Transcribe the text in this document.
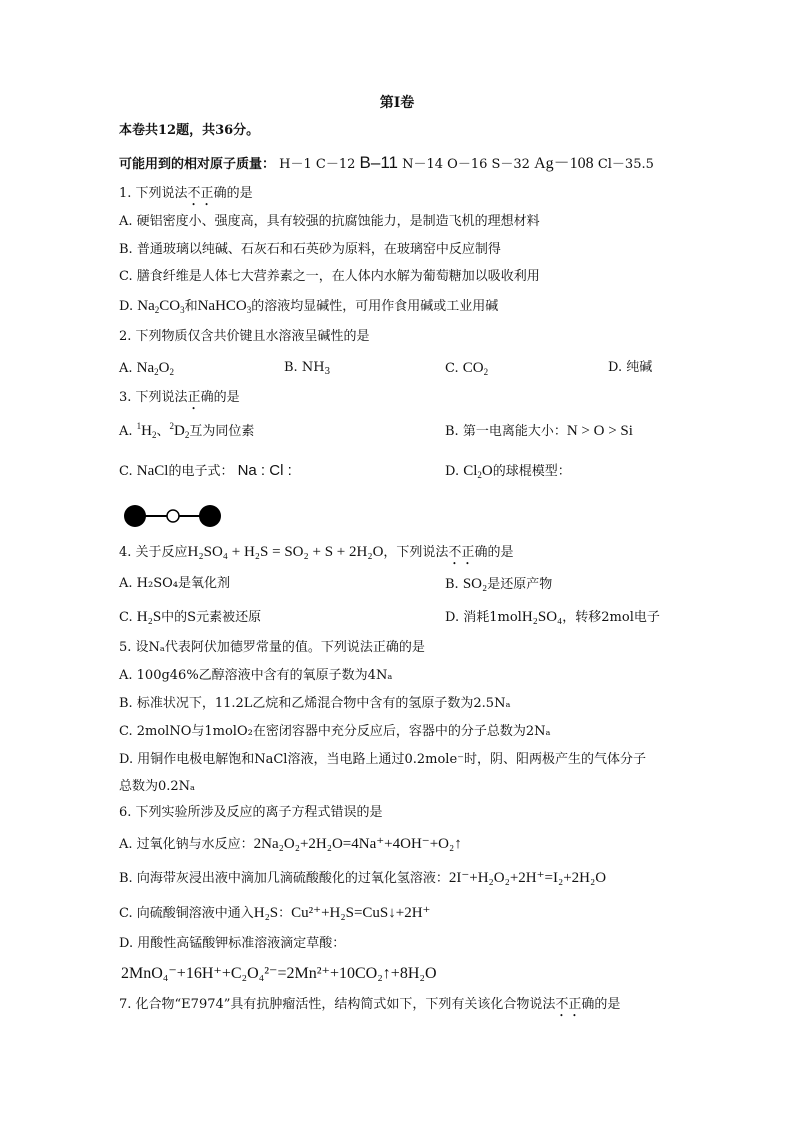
第Ⅰ卷
本卷共12题，共36分。
可能用到的相对原子质量： H－1 C－12 B–11 N－14 O－16 S－32 Ag－108 Cl－35.5
1. 下列说法不正确的是
A. 硬铝密度小、强度高，具有较强的抗腐蚀能力，是制造飞机的理想材料
B. 普通玻璃以纯碱、石灰石和石英砂为原料，在玻璃窑中反应制得
C. 膳食纤维是人体七大营养素之一，在人体内水解为葡萄糖加以吸收利用
D. $Na_2CO_3$和NaHCO$_3$的溶液均显碱性，可用作食用碱或工业用碱
2. 下列物质仅含共价键且水溶液呈碱性的是
A. $Na_2O_2$	B. $NH_3$	C. $CO_2$	D. 纯碱
3. 下列说法正确的是
A. $^1H_2$、$^2D_2$互为同位素	B. 第一电离能大小：N > O > Si
C. NaCl的电子式： Na : Cl :	D. $Cl_2O$的球棍模型：
4. 关于反应H₂SO₄ + H₂S = SO₂ + S + 2H₂O，下列说法不正确的是
A. H₂SO₄是氧化剂	B. SO₂是还原产物
C. H₂S中的S元素被还原	D. 消耗1molH₂SO₄，转移2mol电子
5. 设Nₐ代表阿伏加德罗常量的值。下列说法正确的是
A. 100g46%乙醇溶液中含有的氧原子数为4Nₐ
B. 标准状况下，11.2L乙烷和乙烯混合物中含有的氢原子数为2.5Nₐ
C. 2molNO与1molO₂在密闭容器中充分反应后，容器中的分子总数为2Nₐ
D. 用铜作电极电解饱和NaCl溶液，当电路上通过0.2mole⁻时，阴、阳两极产生的气体分子
总数为0.2Nₐ
6. 下列实验所涉及反应的离子方程式错误的是
A. 过氧化钠与水反应：2Na₂O₂+2H₂O=4Na⁺+4OH⁻+O₂↑
B. 向海带灰浸出液中滴加几滴硫酸酸化的过氧化氢溶液：2I⁻+H₂O₂+2H⁺=I₂+2H₂O
C. 向硫酸铜溶液中通入H₂S：Cu²⁺+H₂S=CuS↓+2H⁺
D. 用酸性高锰酸钾标准溶液滴定草酸：
2MnO₄⁻+16H⁺+C₂O₄²⁻=2Mn²⁺+10CO₂↑+8H₂O
7. 化合物“E7974”具有抗肿瘤活性，结构简式如下，下列有关该化合物说法不正确的是
